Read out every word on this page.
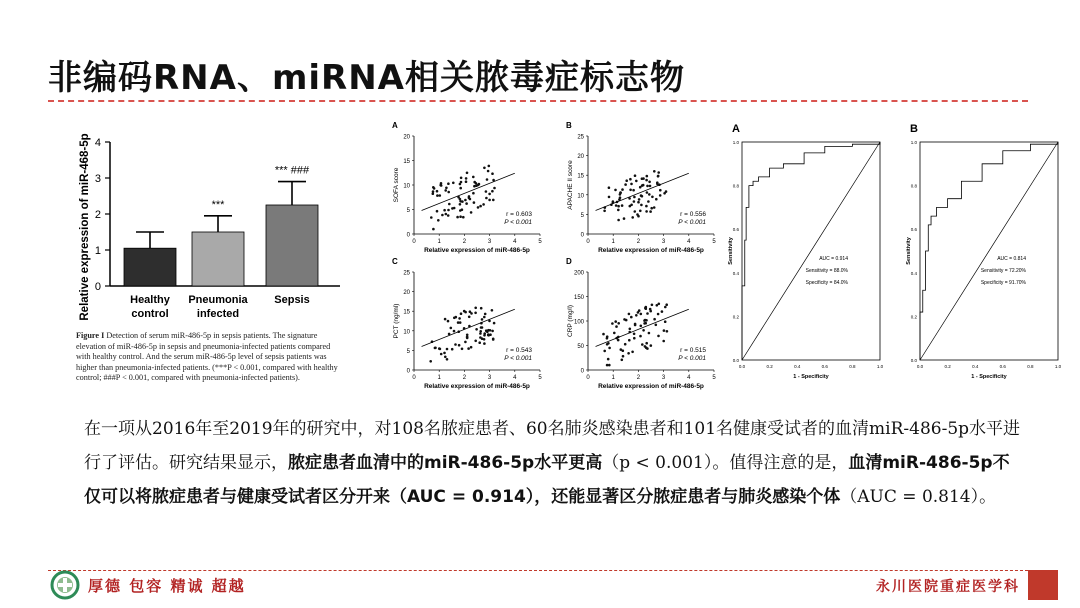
非编码RNA、miRNA相关脓毒症标志物
Relative expression of miR-468-5p 0
1
2
3
4
***
*** ###
Healthy
control
Pneumonia
infected
Sepsis
Figure I Detection of serum miR-486-5p in sepsis patients. The signature elevation of miR-486-5p in sepsis and pneumonia-infected patients compared with healthy control. And the serum miR-486-5p level of sepsis patients was higher than pneumonia-infected patients. (***P < 0.001, compared with healthy control; ###P < 0.001, compared with pneumonia-infected patients).
A
0
5
10
15
20
0	1	2	3	4	5
Relative expression of miR-486-5p
SOFA score
r = 0.603
P < 0.001
B
0
5
10
15
20
25
0	1	2	3	4	5
Relative expression of miR-486-5p
APACHE II score
r = 0.556
P < 0.001
C
0
5
10
15
20
25
0	1	2	3	4	5
Relative expression of miR-486-5p
PCT (ng/ml)
r = 0.543
P < 0.001
D
0
50
100
150
200
0	1	2	3	4	5
Relative expression of miR-486-5p
CRP (mg/l)
r = 0.515
P < 0.001
A
0.0
0.2
0.4
0.6
0.8
1.0
0.0	0.2	0.4	0.6	0.8	1.0
1 - Specificity
Sensitivity	AUC = 0.914
Sensitivity = 88.0%
Specificity = 84.0%
B
0.0
0.2
0.4
0.6
0.8
1.0
0.0	0.2	0.4	0.6	0.8	1.0
1 - Specificity
Sensitivity	AUC = 0.814
Sensitivity = 72.20%
Specificity = 91.70%
在一项从2016年至2019年的研究中，对108名脓症患者、60名肺炎感染患者和101名健康受试者的血清miR-486-5p水平进行了评估。研究结果显示，脓症患者血清中的miR-486-5p水平更高（p < 0.001）。值得注意的是，血清miR-486-5p不仅可以将脓症患者与健康受试者区分开来（AUC = 0.914），还能显著区分脓症患者与肺炎感染个体（AUC = 0.814）。
厚德 包容 精诚 超越	永川医院重症医学科
